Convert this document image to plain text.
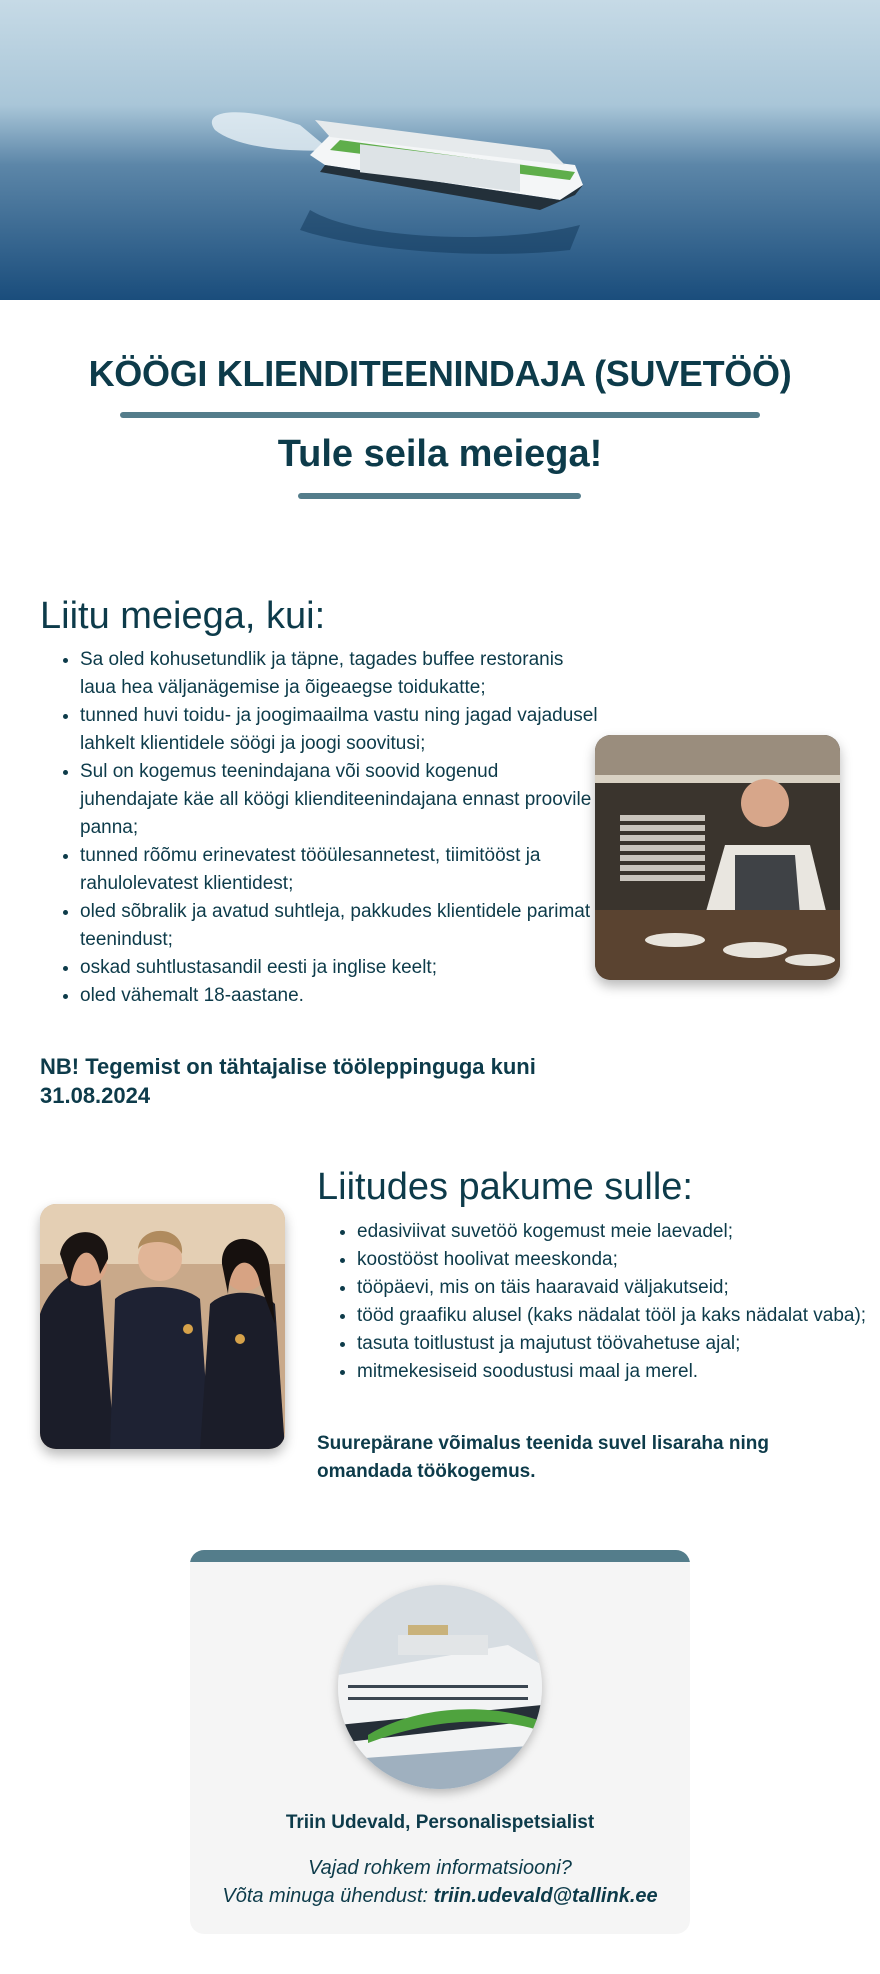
KÖÖGI KLIENDITEENINDAJA (SUVETÖÖ)
Tule seila meiega!
Liitu meiega, kui:
• Sa oled kohusetundlik ja täpne, tagades buffee restoranis laua hea väljanägemise ja õigeaegse toidukatte;
• tunned huvi toidu- ja joogimaailma vastu ning jagad vajadusel lahkelt klientidele söögi ja joogi soovitusi;
• Sul on kogemus teenindajana või soovid kogenud juhendajate käe all köögi klienditeenindajana ennast proovile panna;
• tunned rõõmu erinevatest tööülesannetest, tiimitööst ja rahulolevatest klientidest;
• oled sõbralik ja avatud suhtleja, pakkudes klientidele parimat teenindust;
• oskad suhtlustasandil eesti ja inglise keelt;
• oled vähemalt 18-aastane.
NB! Tegemist on tähtajalise tööleppinguga kuni 31.08.2024
Liitudes pakume sulle:
• edasiviivat suvetöö kogemust meie laevadel;
• koostööst hoolivat meeskonda;
• tööpäevi, mis on täis haaravaid väljakutseid;
• tööd graafiku alusel (kaks nädalat tööl ja kaks nädalat vaba);
• tasuta toitlustust ja majutust töövahetuse ajal;
• mitmekesiseid soodustusi maal ja merel.
Suurepärane võimalus teenida suvel lisaraha ning omandada töökogemus.
Triin Udevald, Personalispetsialist
Vajad rohkem informatsiooni?
Võta minuga ühendust: triin.udevald@tallink.ee
